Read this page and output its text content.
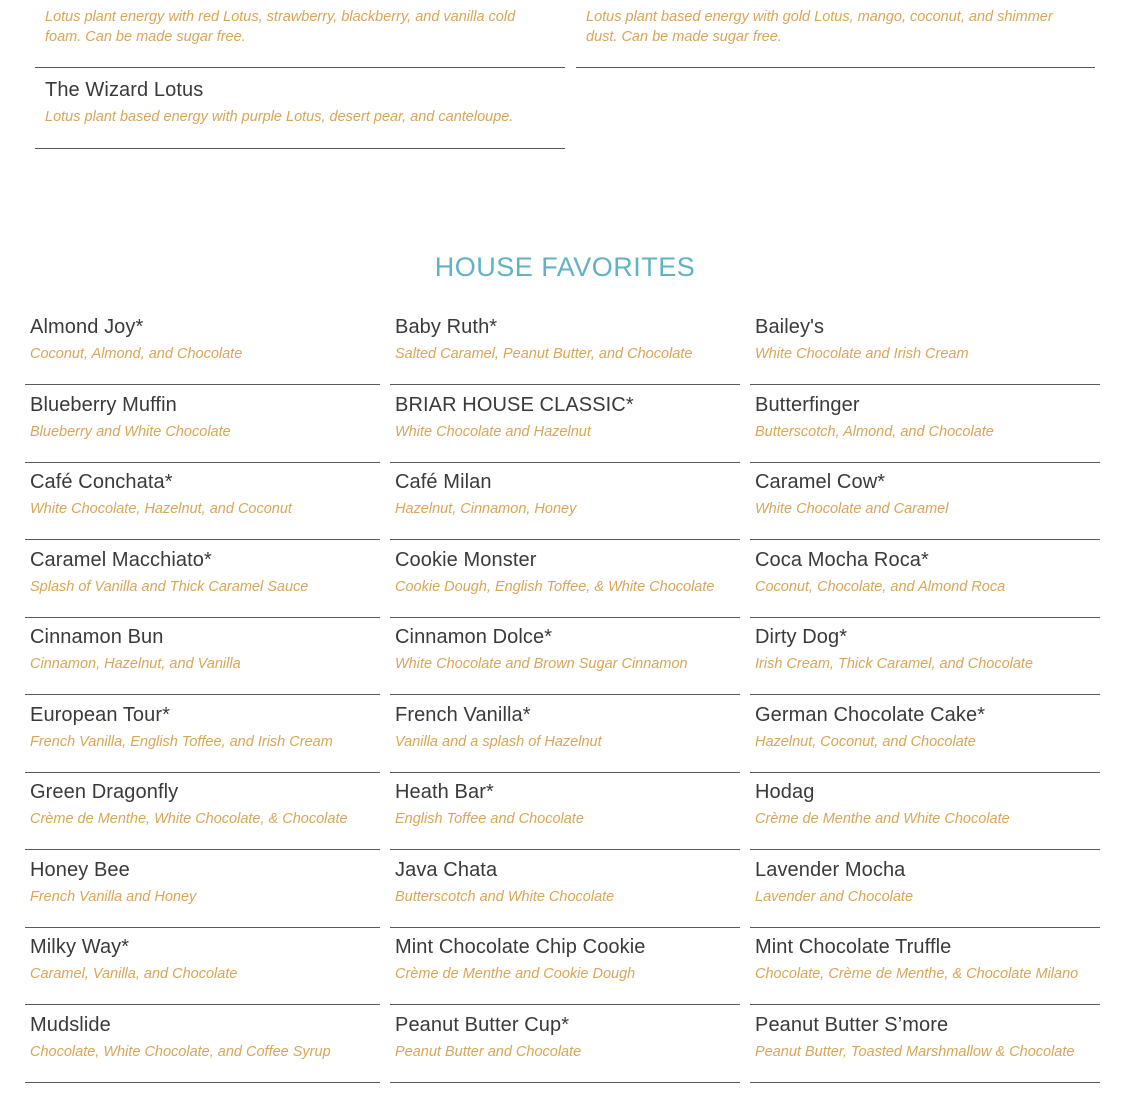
Lotus plant energy with red Lotus, strawberry, blackberry, and vanilla cold foam. Can be made sugar free.
Lotus plant based energy with gold Lotus, mango, coconut, and shimmer dust. Can be made sugar free.
The Wizard Lotus
Lotus plant based energy with purple Lotus, desert pear, and canteloupe.
HOUSE FAVORITES
Almond Joy*
Coconut, Almond, and Chocolate
Blueberry Muffin
Blueberry and White Chocolate
Café Conchata*
White Chocolate, Hazelnut, and Coconut
Caramel Macchiato*
Splash of Vanilla and Thick Caramel Sauce
Cinnamon Bun
Cinnamon, Hazelnut, and Vanilla
European Tour*
French Vanilla, English Toffee, and Irish Cream
Green Dragonfly
Crème de Menthe, White Chocolate, & Chocolate
Honey Bee
French Vanilla and Honey
Milky Way*
Caramel, Vanilla, and Chocolate
Mudslide
Chocolate, White Chocolate, and Coffee Syrup
Baby Ruth*
Salted Caramel, Peanut Butter, and Chocolate
BRIAR HOUSE CLASSIC*
White Chocolate and Hazelnut
Café Milan
Hazelnut, Cinnamon, Honey
Cookie Monster
Cookie Dough, English Toffee, & White Chocolate
Cinnamon Dolce*
White Chocolate and Brown Sugar Cinnamon
French Vanilla*
Vanilla and a splash of Hazelnut
Heath Bar*
English Toffee and Chocolate
Java Chata
Butterscotch and White Chocolate
Mint Chocolate Chip Cookie
Crème de Menthe and Cookie Dough
Peanut Butter Cup*
Peanut Butter and Chocolate
Bailey's
White Chocolate and Irish Cream
Butterfinger
Butterscotch, Almond, and Chocolate
Caramel Cow*
White Chocolate and Caramel
Coca Mocha Roca*
Coconut, Chocolate, and Almond Roca
Dirty Dog*
Irish Cream, Thick Caramel, and Chocolate
German Chocolate Cake*
Hazelnut, Coconut, and Chocolate
Hodag
Crème de Menthe and White Chocolate
Lavender Mocha
Lavender and Chocolate
Mint Chocolate Truffle
Chocolate, Crème de Menthe, & Chocolate Milano
Peanut Butter S’more
Peanut Butter, Toasted Marshmallow & Chocolate
